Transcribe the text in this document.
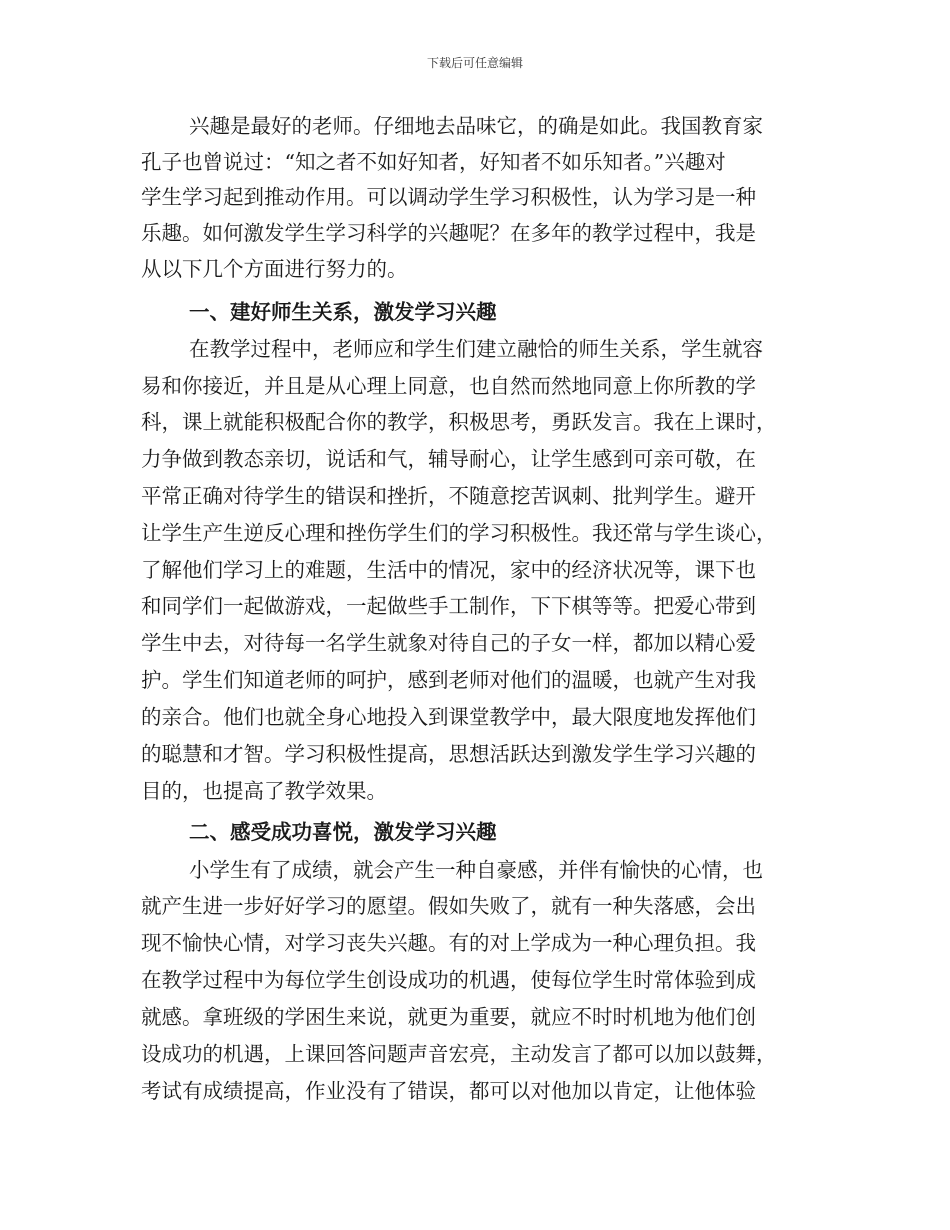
下载后可任意编辑
兴趣是最好的老师。仔细地去品味它，的确是如此。我国教育家
孔子也曾说过：“知之者不如好知者，好知者不如乐知者。”兴趣对
学生学习起到推动作用。可以调动学生学习积极性，认为学习是一种
乐趣。如何激发学生学习科学的兴趣呢？在多年的教学过程中，我是
从以下几个方面进行努力的。
一、建好师生关系，激发学习兴趣
在教学过程中，老师应和学生们建立融恰的师生关系，学生就容
易和你接近，并且是从心理上同意，也自然而然地同意上你所教的学
科，课上就能积极配合你的教学，积极思考，勇跃发言。我在上课时，
力争做到教态亲切，说话和气，辅导耐心，让学生感到可亲可敬，在
平常正确对待学生的错误和挫折，不随意挖苦讽刺、批判学生。避开
让学生产生逆反心理和挫伤学生们的学习积极性。我还常与学生谈心，
了解他们学习上的难题，生活中的情况，家中的经济状况等，课下也
和同学们一起做游戏，一起做些手工制作，下下棋等等。把爱心带到
学生中去，对待每一名学生就象对待自己的子女一样，都加以精心爱
护。学生们知道老师的呵护，感到老师对他们的温暖，也就产生对我
的亲合。他们也就全身心地投入到课堂教学中，最大限度地发挥他们
的聪慧和才智。学习积极性提高，思想活跃达到激发学生学习兴趣的
目的，也提高了教学效果。
二、感受成功喜悦，激发学习兴趣
小学生有了成绩，就会产生一种自豪感，并伴有愉快的心情，也
就产生进一步好好学习的愿望。假如失败了，就有一种失落感，会出
现不愉快心情，对学习丧失兴趣。有的对上学成为一种心理负担。我
在教学过程中为每位学生创设成功的机遇，使每位学生时常体验到成
就感。拿班级的学困生来说，就更为重要，就应不时时机地为他们创
设成功的机遇，上课回答问题声音宏亮，主动发言了都可以加以鼓舞，
考试有成绩提高，作业没有了错误，都可以对他加以肯定，让他体验
